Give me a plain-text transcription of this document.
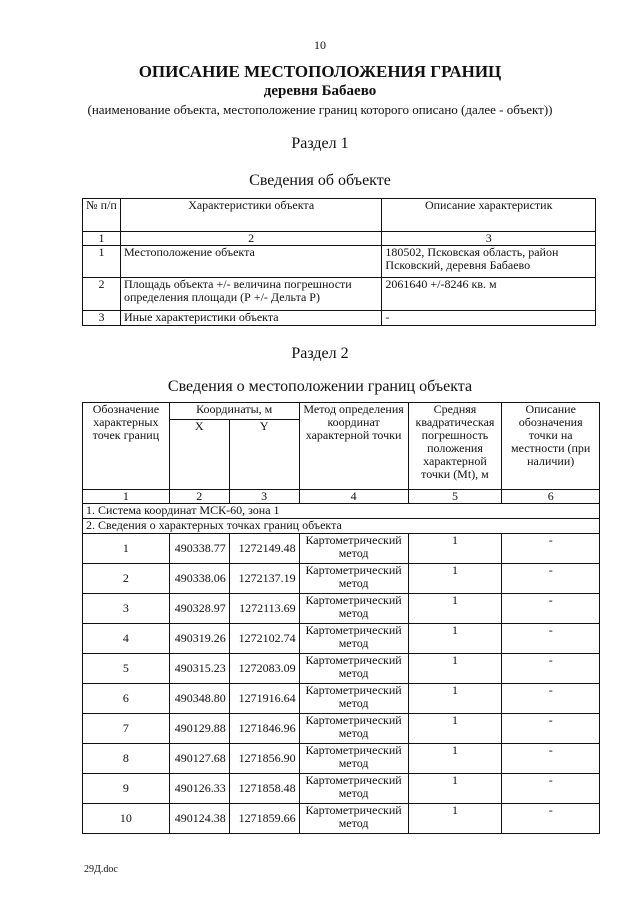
10
ОПИСАНИЕ МЕСТОПОЛОЖЕНИЯ ГРАНИЦ
деревня Бабаево
(наименование объекта, местоположение границ которого описано (далее - объект))
Раздел 1
Сведения об объекте
№ п/п	Характеристики объекта	Описание характеристик
1	2	3
1	Местоположение объекта	180502, Псковская область, район Псковский, деревня Бабаево
2	Площадь объекта +/- величина погрешности определения площади (Р +/- Дельта Р)	2061640 +/-8246 кв. м
3	Иные характеристики объекта	-
Раздел 2
Сведения о местоположении границ объекта
Обозначение характерных точек границ	Координаты, м		Метод определения координат характерной точки	Средняя квадратическая погрешность положения характерной точки (Mt), м	Описание обозначения точки на местности (при наличии)
	X	Y			
1	2	3	4	5	6
1. Система координат МСК-60, зона 1					
2. Сведения о характерных точках границ объекта					
1	490338.77	1272149.48	Картометрический метод	1	-
2	490338.06	1272137.19	Картометрический метод	1	-
3	490328.97	1272113.69	Картометрический метод	1	-
4	490319.26	1272102.74	Картометрический метод	1	-
5	490315.23	1272083.09	Картометрический метод	1	-
6	490348.80	1271916.64	Картометрический метод	1	-
7	490129.88	1271846.96	Картометрический метод	1	-
8	490127.68	1271856.90	Картометрический метод	1	-
9	490126.33	1271858.48	Картометрический метод	1	-
10	490124.38	1271859.66	Картометрический метод	1	-
29Д.doc
